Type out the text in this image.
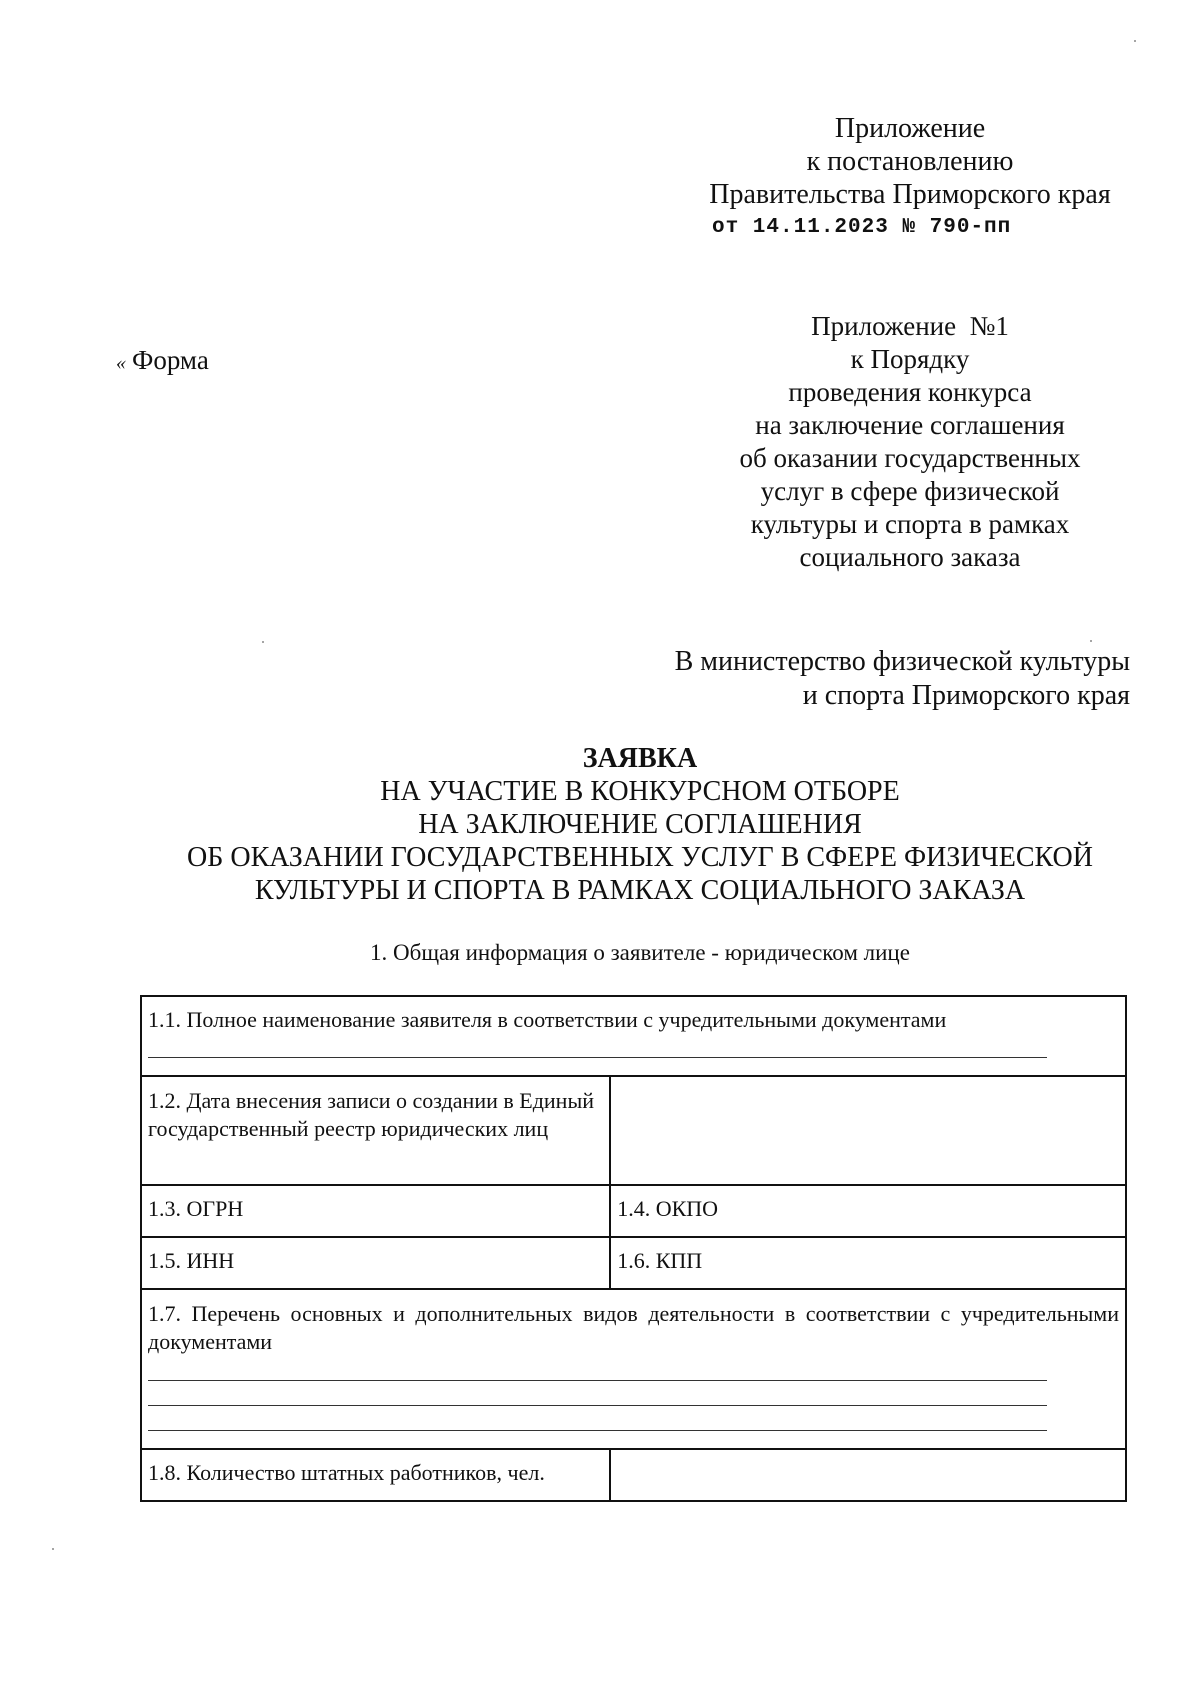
Приложение
к постановлению
Правительства Приморского края
от 14.11.2023 № 790-пп
« Форма
Приложение  №1
к Порядку
проведения конкурса
на заключение соглашения
об оказании государственных
услуг в сфере физической
культуры и спорта в рамках
социального заказа
В министерство физической культуры
и спорта Приморского края
ЗАЯВКА
НА УЧАСТИЕ В КОНКУРСНОМ ОТБОРЕ
НА ЗАКЛЮЧЕНИЕ СОГЛАШЕНИЯ
ОБ ОКАЗАНИИ ГОСУДАРСТВЕННЫХ УСЛУГ В СФЕРЕ ФИЗИЧЕСКОЙ
КУЛЬТУРЫ И СПОРТА В РАМКАХ СОЦИАЛЬНОГО ЗАКАЗА
1. Общая информация о заявителе - юридическом лице
1.1. Полное наименование заявителя в соответствии с учредительными документами	

1.2. Дата внесения записи о создании в Единый государственный реестр юридических лиц	
1.3. ОГРН	1.4. ОКПО
1.5. ИНН	1.6. КПП

1.7. Перечень основных и дополнительных видов деятельности в соответствии с учредительными документами	

1.8. Количество штатных работников, чел.	
